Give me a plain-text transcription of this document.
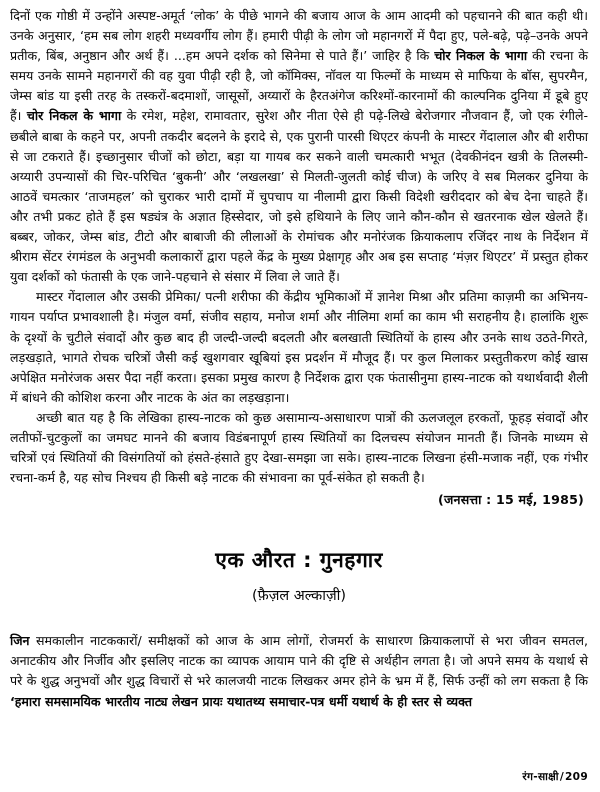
दिनों एक गोष्ठी में उन्होंने अस्पष्ट-अमूर्त ‘लोक’ के पीछे भागने की बजाय आज के आम आदमी को पहचानने की बात कही थी। उनके अनुसार, ‘हम सब लोग शहरी मध्यवर्गीय लोग हैं। हमारी पीढ़ी के लोग जो महानगरों में पैदा हुए, पले-बढ़े, पढ़े–उनके अपने प्रतीक, बिंब, अनुष्ठान और अर्थ हैं। ...हम अपने दर्शक को सिनेमा से पाते हैं।’ जाहिर है कि चोर निकल के भागा की रचना के समय उनके सामने महानगरों की वह युवा पीढ़ी रही है, जो कॉमिक्स, नॉवल या फिल्मों के माध्यम से माफिया के बॉस, सुपरमैन, जेम्स बांड या इसी तरह के तस्करों-बदमाशों, जासूसों, अय्यारों के हैरतअंगेज करिश्मों-कारनामों की काल्पनिक दुनिया में डूबे हुए हैं। चोर निकल के भागा के रमेश, महेश, रामावतार, सुरेश और नीता ऐसे ही पढ़े-लिखे बेरोजगार नौजवान हैं, जो एक रंगीले-छबीले बाबा के कहने पर, अपनी तकदीर बदलने के इरादे से, एक पुरानी पारसी थिएटर कंपनी के मास्टर गेंदालाल और बी शरीफा से जा टकराते हैं। इच्छानुसार चीजों को छोटा, बड़ा या गायब कर सकने वाली चमत्कारी भभूत (देवकीनंदन खत्री के तिलस्मी-अय्यारी उपन्यासों की चिर-परिचित ‘बुकनी’ और ‘लखलखा’ से मिलती-जुलती कोई चीज) के जरिए वे सब मिलकर दुनिया के आठवें चमत्कार ‘ताजमहल’ को चुराकर भारी दामों में चुपचाप या नीलामी द्वारा किसी विदेशी खरीददार को बेच देना चाहते हैं। और तभी प्रकट होते हैं इस षड्यंत्र के अज्ञात हिस्सेदार, जो इसे हथियाने के लिए जाने कौन-कौन से खतरनाक खेल खेलते हैं। बब्बर, जोकर, जेम्स बांड, टीटो और बाबाजी की लीलाओं के रोमांचक और मनोरंजक क्रियाकलाप रजिंदर नाथ के निर्देशन में श्रीराम सेंटर रंगमंडल के अनुभवी कलाकारों द्वारा पहले केंद्र के मुख्य प्रेक्षागृह और अब इस सप्ताह ‘मंज़र थिएटर’ में प्रस्तुत होकर युवा दर्शकों को फंतासी के एक जाने-पहचाने से संसार में लिवा ले जाते हैं।

मास्टर गेंदालाल और उसकी प्रेमिका/ पत्नी शरीफा की केंद्रीय भूमिकाओं में ज्ञानेश मिश्रा और प्रतिमा काज़मी का अभिनय-गायन पर्याप्त प्रभावशाली है। मंजुल वर्मा, संजीव सहाय, मनोज शर्मा और नीलिमा शर्मा का काम भी सराहनीय है। हालांकि शुरू के दृश्यों के चुटीले संवादों और कुछ बाद ही जल्दी-जल्दी बदलती और बलखाती स्थितियों के हास्य और उनके साथ उठते-गिरते, लड़खड़ाते, भागते रोचक चरित्रों जैसी कई खुशगवार खूबियां इस प्रदर्शन में मौजूद हैं। पर कुल मिलाकर प्रस्तुतीकरण कोई खास अपेक्षित मनोरंजक असर पैदा नहीं करता। इसका प्रमुख कारण है निर्देशक द्वारा एक फंतासीनुमा हास्य-नाटक को यथार्थवादी शैली में बांधने की कोशिश करना और नाटक के अंत का लड़खड़ाना।

अच्छी बात यह है कि लेखिका हास्य-नाटक को कुछ असामान्य-असाधारण पात्रों की ऊलजलूल हरकतों, फूहड़ संवादों और लतीफों-चुटकुलों का जमघट मानने की बजाय विडंबनापूर्ण हास्य स्थितियों का दिलचस्प संयोजन मानती हैं। जिनके माध्यम से चरित्रों एवं स्थितियों की विसंगतियों को हंसते-हंसाते हुए देखा-समझा जा सके। हास्य-नाटक लिखना हंसी-मजाक नहीं, एक गंभीर रचना-कर्म है, यह सोच निश्चय ही किसी बड़े नाटक की संभावना का पूर्व-संकेत हो सकती है।

(जनसत्ता : 15 मई, 1985)
एक औरत : गुनहगार
(फ़ैज़ल अल्काज़ी)

जिन समकालीन नाटककारों/ समीक्षकों को आज के आम लोगों, रोजमर्रा के साधारण क्रियाकलापों से भरा जीवन समतल, अनाटकीय और निर्जीव और इसलिए नाटक का व्यापक आयाम पाने की दृष्टि से अर्थहीन लगता है। जो अपने समय के यथार्थ से परे के शुद्ध अनुभवों और शुद्ध विचारों से भरे कालजयी नाटक लिखकर अमर होने के भ्रम में हैं, सिर्फ उन्हीं को लग सकता है कि ‘हमारा समसामयिक भारतीय नाट्य लेखन प्रायः यथातथ्य समाचार-पत्र धर्मी यथार्थ के ही स्तर से व्यक्त

रंग-साक्षी/209
